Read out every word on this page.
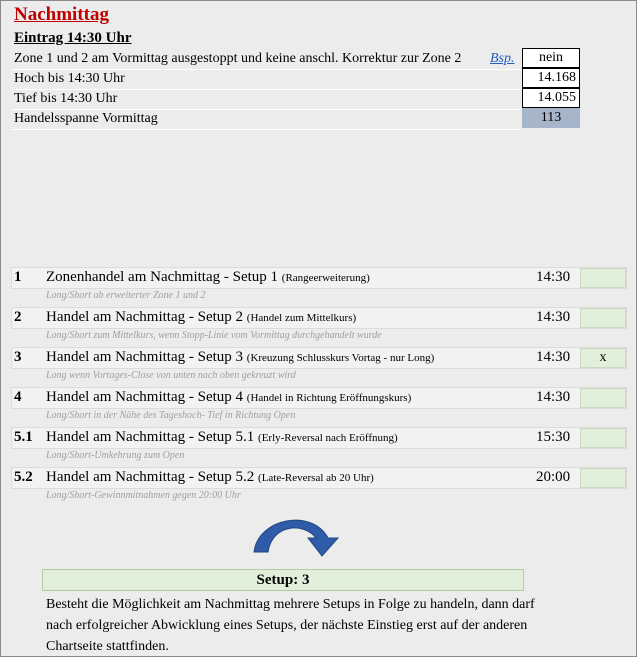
Nachmittag
Eintrag 14:30 Uhr
Zone 1 und 2 am Vormittag ausgestoppt und keine anschl. Korrektur zur Zone 2 Bsp.	nein
Hoch bis 14:30 Uhr	14.168
Tief bis 14:30 Uhr	14.055
Handelsspanne Vormittag	113
1 Zonenhandel am Nachmittag - Setup 1 (Rangeerweiterung)	14:30
Long/Short ab erweiterter Zone 1 und 2
2 Handel am Nachmittag - Setup 2 (Handel zum Mittelkurs)	14:30
Long/Short zum Mittelkurs, wenn Stopp-Linie vom Vormittag durchgehandelt wurde
3 Handel am Nachmittag - Setup 3 (Kreuzung Schlusskurs Vortag - nur Long)	14:30	x
Long wenn Vortages-Close von unten nach oben gekreuzt wird
4 Handel am Nachmittag - Setup 4 (Handel in Richtung Eröffnungskurs)	14:30
Long/Short in der Nähe des Tageshoch- Tief in Richtung Open
5.1 Handel am Nachmittag - Setup 5.1 (Erly-Reversal nach Eröffnung)	15:30
Long/Short-Umkehrung zum Open
5.2 Handel am Nachmittag - Setup 5.2 (Late-Reversal ab 20 Uhr)	20:00
Long/Short-Gewinnmitnahmen gegen 20:00 Uhr
Setup: 3
Besteht die Möglichkeit am Nachmittag mehrere Setups in Folge zu handeln, dann darf nach erfolgreicher Abwicklung eines Setups, der nächste Einstieg erst auf der anderen Chartseite stattfinden.
